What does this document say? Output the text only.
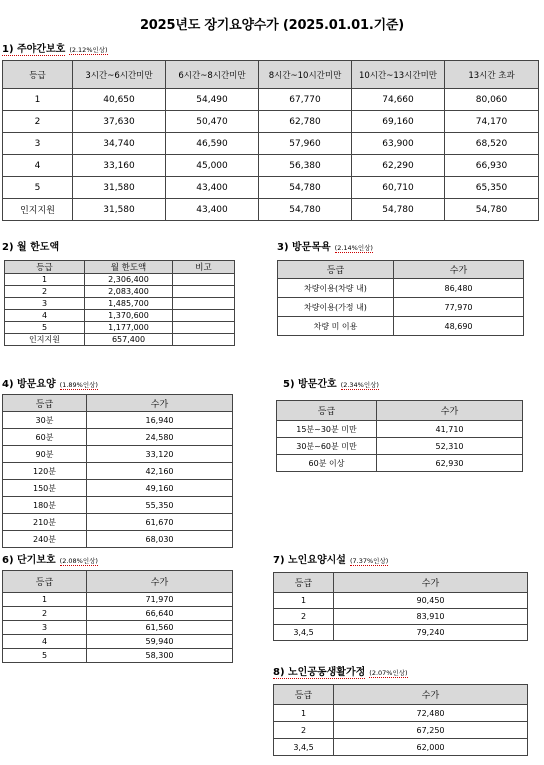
2025년도 장기요양수가 (2025.01.01.기준)
1) 주야간보호 (2.12%인상)
등급	3시간~6시간미만	6시간~8시간미만	8시간~10시간미만	10시간~13시간미만	13시간 초과
1	40,650	54,490	67,770	74,660	80,060
2	37,630	50,470	62,780	69,160	74,170
3	34,740	46,590	57,960	63,900	68,520
4	33,160	45,000	56,380	62,290	66,930
5	31,580	43,400	54,780	60,710	65,350
인지지원	31,580	43,400	54,780	54,780	54,780
2) 월 한도액
등급	월 한도액	비고
1	2,306,400	
2	2,083,400	
3	1,485,700	
4	1,370,600	
5	1,177,000	
인지지원	657,400	
3) 방문목욕 (2.14%인상)
등급	수가
차량이용(차량 내)	86,480
차량이용(가정 내)	77,970
차량 미 이용	48,690
4) 방문요양 (1.89%인상)
등급	수가
30분	16,940
60분	24,580
90분	33,120
120분	42,160
150분	49,160
180분	55,350
210분	61,670
240분	68,030
5) 방문간호 (2.34%인상)
등급	수가
15분~30분 미만	41,710
30분~60분 미만	52,310
60분 이상	62,930
6) 단기보호 (2.08%인상)
등급	수가
1	71,970
2	66,640
3	61,560
4	59,940
5	58,300
7) 노인요양시설 (7.37%인상)
등급	수가
1	90,450
2	83,910
3,4,5	79,240
8) 노인공동생활가정 (2.07%인상)
등급	수가
1	72,480
2	67,250
3,4,5	62,000
